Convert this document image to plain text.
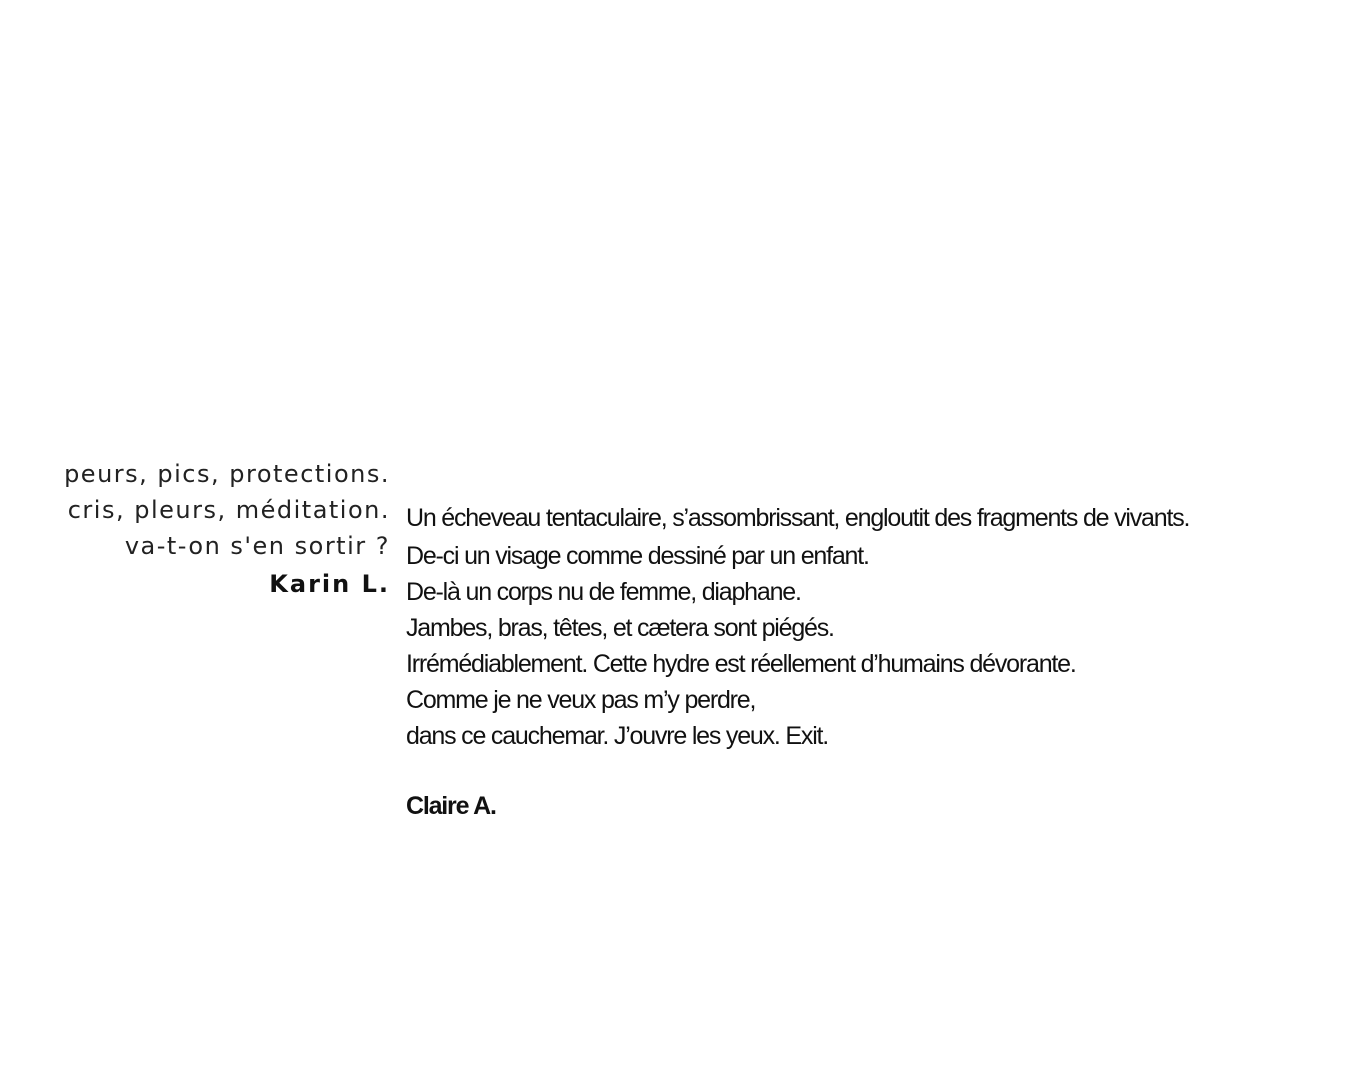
peurs, pics, protections.
cris, pleurs, méditation.
va-t-on s'en sortir ?
Karin L.
Un écheveau tentaculaire, s’assombrissant, engloutit des fragments de vivants.
De-ci un visage comme dessiné par un enfant.
De-là un corps nu de femme, diaphane.
Jambes, bras, têtes, et cætera sont piégés.
Irrémédiablement. Cette hydre est réellement d’humains dévorante.
Comme je ne veux pas m’y perdre,
dans ce cauchemar. J’ouvre les yeux. Exit.
Claire A.
